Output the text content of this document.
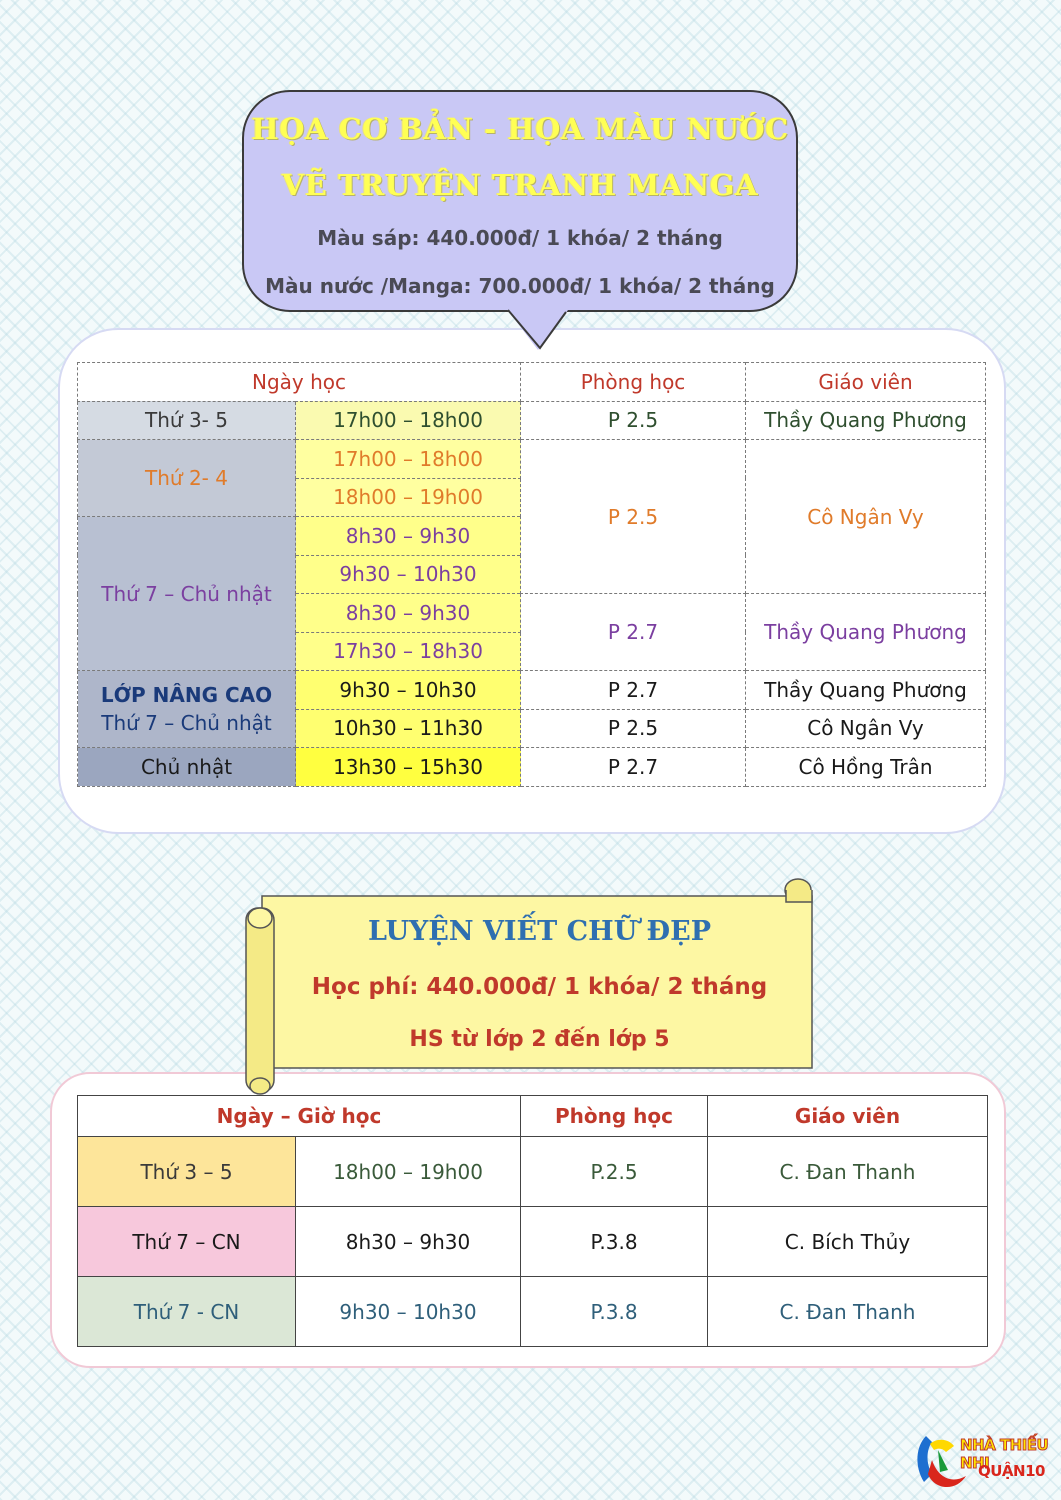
HỌA CƠ BẢN - HỌA MÀU NƯỚC
VẼ TRUYỆN TRANH MANGA
Màu sáp: 440.000đ/ 1 khóa/ 2 tháng
Màu nước /Manga: 700.000đ/ 1 khóa/ 2 tháng
Ngày học		Phòng học	Giáo viên
Thứ 3- 5	17h00 – 18h00	P 2.5	Thầy Quang Phương
Thứ 2- 4	17h00 – 18h00	P 2.5	Cô Ngân Vy
	18h00 – 19h00		
Thứ 7 – Chủ nhật	8h30 – 9h30		
	9h30 – 10h30		
	8h30 – 9h30	P 2.7	Thầy Quang Phương
	17h30 – 18h30		

LỚP NÂNG CAO
Thứ 7 – Chủ nhật	9h30 – 10h30	P 2.7	Thầy Quang Phương
	10h30 – 11h30	P 2.5	Cô Ngân Vy
Chủ nhật	13h30 – 15h30	P 2.7	Cô Hồng Trân
LUYỆN VIẾT CHỮ ĐẸP
Học phí: 440.000đ/ 1 khóa/ 2 tháng
HS từ lớp 2 đến lớp 5
Ngày – Giờ học		Phòng học	Giáo viên
Thứ 3 – 5	18h00 – 19h00	P.2.5	C. Đan Thanh
Thứ 7 – CN	8h30 – 9h30	P.3.8	C. Bích Thủy
Thứ 7 - CN	9h30 – 10h30	P.3.8	C. Đan Thanh
NHÀ THIẾU NHI
QUẬN10
